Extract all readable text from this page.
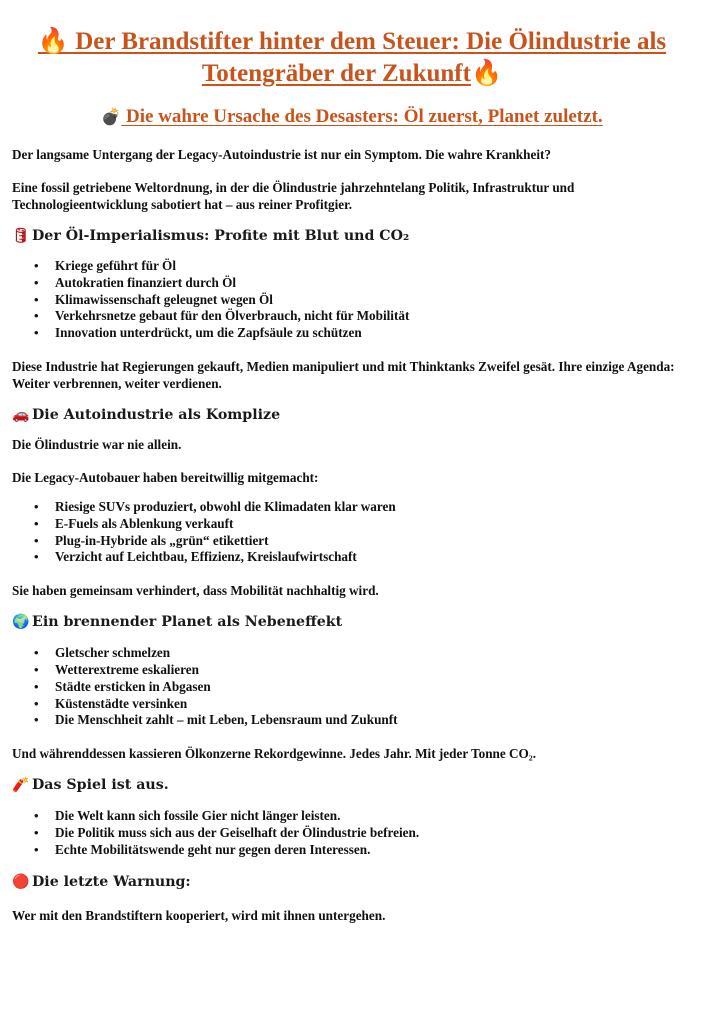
🔥 Der Brandstifter hinter dem Steuer: Die Ölindustrie als
Totengräber der Zukunft🔥
💣 Die wahre Ursache des Desasters: Öl zuerst, Planet zuletzt.

Der langsame Untergang der Legacy-Autoindustrie ist nur ein Symptom. Die wahre Krankheit?

Eine fossil getriebene Weltordnung, in der die Ölindustrie jahrzehntelang Politik, Infrastruktur und Technologieentwicklung sabotiert hat – aus reiner Profitgier.

🛢 Der Öl-Imperialismus: Profite mit Blut und CO₂
• Kriege geführt für Öl
• Autokratien finanziert durch Öl
• Klimawissenschaft geleugnet wegen Öl
• Verkehrsnetze gebaut für den Ölverbrauch, nicht für Mobilität
• Innovation unterdrückt, um die Zapfsäule zu schützen

Diese Industrie hat Regierungen gekauft, Medien manipuliert und mit Thinktanks Zweifel gesät. Ihre einzige Agenda: Weiter verbrennen, weiter verdienen.

🚗 Die Autoindustrie als Komplize

Die Ölindustrie war nie allein.

Die Legacy-Autobauer haben bereitwillig mitgemacht:

• Riesige SUVs produziert, obwohl die Klimadaten klar waren
• E-Fuels als Ablenkung verkauft
• Plug-in-Hybride als „grün“ etikettiert
• Verzicht auf Leichtbau, Effizienz, Kreislaufwirtschaft

Sie haben gemeinsam verhindert, dass Mobilität nachhaltig wird.

🌍 Ein brennender Planet als Nebeneffekt
• Gletscher schmelzen
• Wetterextreme eskalieren
• Städte ersticken in Abgasen
• Küstenstädte versinken
• Die Menschheit zahlt – mit Leben, Lebensraum und Zukunft

Und währenddessen kassieren Ölkonzerne Rekordgewinne. Jedes Jahr. Mit jeder Tonne CO₂.

🧨 Das Spiel ist aus.
• Die Welt kann sich fossile Gier nicht länger leisten.
• Die Politik muss sich aus der Geiselhaft der Ölindustrie befreien.
• Echte Mobilitätswende geht nur gegen deren Interessen.
🔴 Die letzte Warnung:

Wer mit den Brandstiftern kooperiert, wird mit ihnen untergehen.
